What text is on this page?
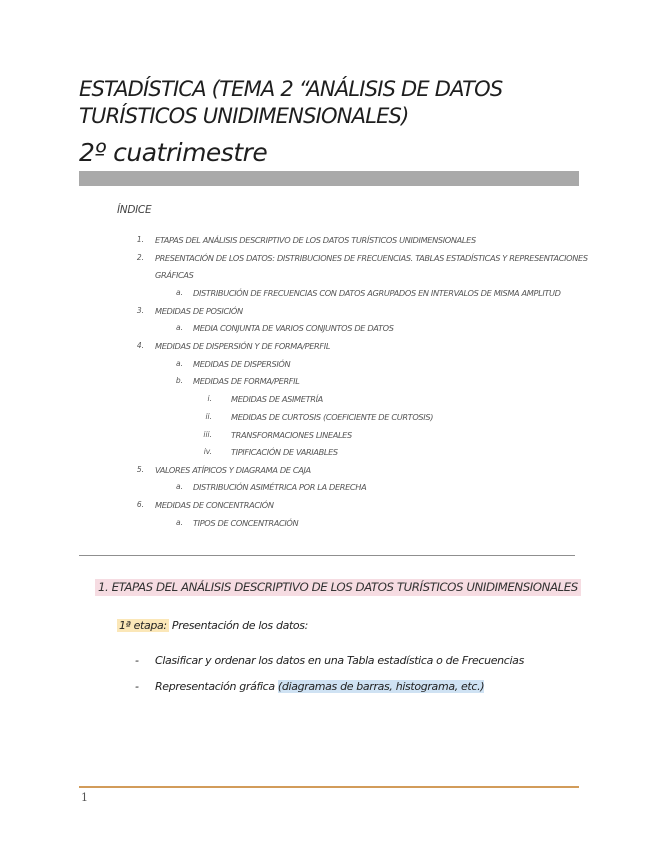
ESTADÍSTICA (TEMA 2 “ANÁLISIS DE DATOS TURÍSTICOS UNIDIMENSIONALES)
2º cuatrimestre
ÍNDICE
1. ETAPAS DEL ANÁLISIS DESCRIPTIVO DE LOS DATOS TURÍSTICOS UNIDIMENSIONALES
2. PRESENTACIÓN DE LOS DATOS: DISTRIBUCIONES DE FRECUENCIAS. TABLAS ESTADÍSTICAS Y REPRESENTACIONES
GRÁFICAS
a. DISTRIBUCIÓN DE FRECUENCIAS CON DATOS AGRUPADOS EN INTERVALOS DE MISMA AMPLITUD
3. MEDIDAS DE POSICIÓN
a. MEDIA CONJUNTA DE VARIOS CONJUNTOS DE DATOS
4. MEDIDAS DE DISPERSIÓN Y DE FORMA/PERFIL
a. MEDIDAS DE DISPERSIÓN
b. MEDIDAS DE FORMA/PERFIL
i. MEDIDAS DE ASIMETRÍA
ii. MEDIDAS DE CURTOSIS (COEFICIENTE DE CURTOSIS)
iii. TRANSFORMACIONES LINEALES
iv. TIPIFICACIÓN DE VARIABLES
5. VALORES ATÍPICOS Y DIAGRAMA DE CAJA
a. DISTRIBUCIÓN ASIMÉTRICA POR LA DERECHA
6. MEDIDAS DE CONCENTRACIÓN
a. TIPOS DE CONCENTRACIÓN
1. ETAPAS DEL ANÁLISIS DESCRIPTIVO DE LOS DATOS TURÍSTICOS UNIDIMENSIONALES
1ª etapa: Presentación de los datos:
- Clasificar y ordenar los datos en una Tabla estadística o de Frecuencias
- Representación gráfica (diagramas de barras, histograma, etc.)
1
